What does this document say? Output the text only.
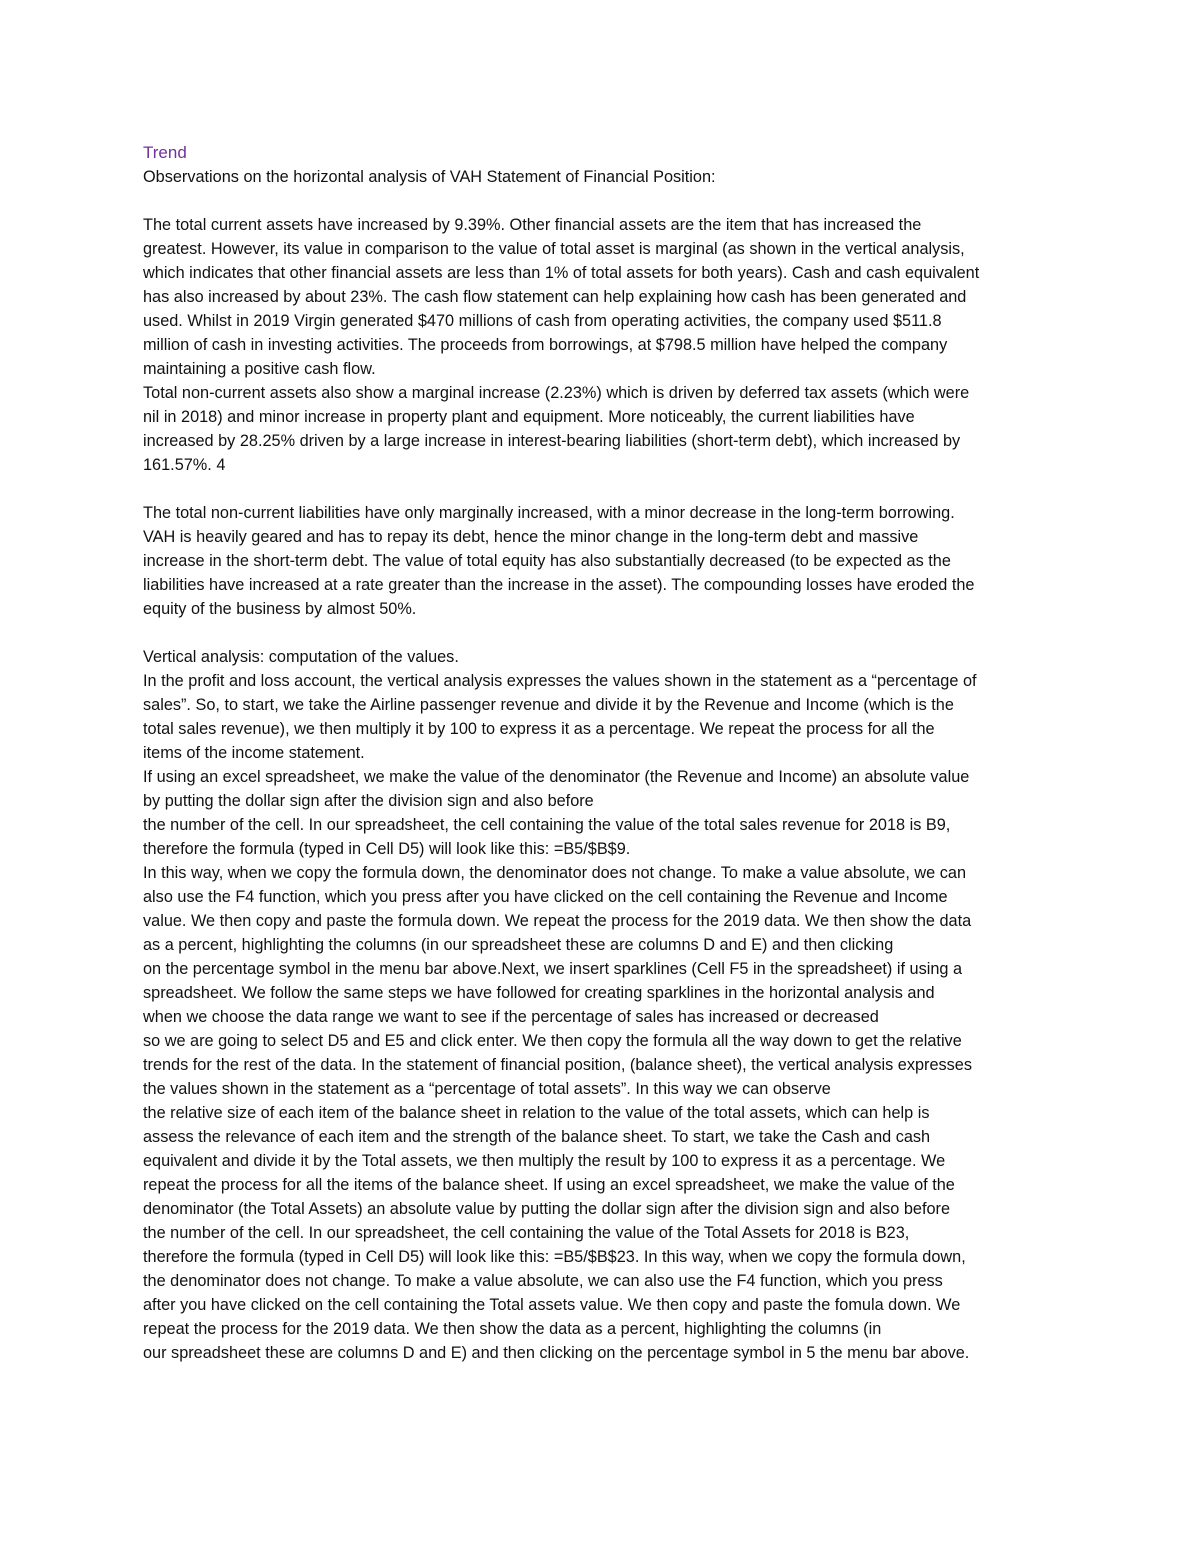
Trend
Observations on the horizontal analysis of VAH Statement of Financial Position:
The total current assets have increased by 9.39%. Other financial assets are the item that has increased the
greatest. However, its value in comparison to the value of total asset is marginal (as shown in the vertical analysis,
which indicates that other financial assets are less than 1% of total assets for both years). Cash and cash equivalent
has also increased by about 23%. The cash flow statement can help explaining how cash has been generated and
used. Whilst in 2019 Virgin generated $470 millions of cash from operating activities, the company used $511.8
million of cash in investing activities. The proceeds from borrowings, at $798.5 million have helped the company
maintaining a positive cash flow.
Total non-current assets also show a marginal increase (2.23%) which is driven by deferred tax assets (which were
nil in 2018) and minor increase in property plant and equipment. More noticeably, the current liabilities have
increased by 28.25% driven by a large increase in interest-bearing liabilities (short-term debt), which increased by
161.57%. 4
The total non-current liabilities have only marginally increased, with a minor decrease in the long-term borrowing.
VAH is heavily geared and has to repay its debt, hence the minor change in the long-term debt and massive
increase in the short-term debt. The value of total equity has also substantially decreased (to be expected as the
liabilities have increased at a rate greater than the increase in the asset). The compounding losses have eroded the
equity of the business by almost 50%.
Vertical analysis: computation of the values.
In the profit and loss account, the vertical analysis expresses the values shown in the statement as a “percentage of
sales”. So, to start, we take the Airline passenger revenue and divide it by the Revenue and Income (which is the
total sales revenue), we then multiply it by 100 to express it as a percentage. We repeat the process for all the
items of the income statement.
If using an excel spreadsheet, we make the value of the denominator (the Revenue and Income) an absolute value
by putting the dollar sign after the division sign and also before
the number of the cell. In our spreadsheet, the cell containing the value of the total sales revenue for 2018 is B9,
therefore the formula (typed in Cell D5) will look like this: =B5/$B$9.
In this way, when we copy the formula down, the denominator does not change. To make a value absolute, we can
also use the F4 function, which you press after you have clicked on the cell containing the Revenue and Income
value. We then copy and paste the formula down. We repeat the process for the 2019 data. We then show the data
as a percent, highlighting the columns (in our spreadsheet these are columns D and E) and then clicking
on the percentage symbol in the menu bar above.Next, we insert sparklines (Cell F5 in the spreadsheet) if using a
spreadsheet. We follow the same steps we have followed for creating sparklines in the horizontal analysis and
when we choose the data range we want to see if the percentage of sales has increased or decreased
so we are going to select D5 and E5 and click enter. We then copy the formula all the way down to get the relative
trends for the rest of the data. In the statement of financial position, (balance sheet), the vertical analysis expresses
the values shown in the statement as a “percentage of total assets”. In this way we can observe
the relative size of each item of the balance sheet in relation to the value of the total assets, which can help is
assess the relevance of each item and the strength of the balance sheet. To start, we take the Cash and cash
equivalent and divide it by the Total assets, we then multiply the result by 100 to express it as a percentage. We
repeat the process for all the items of the balance sheet. If using an excel spreadsheet, we make the value of the
denominator (the Total Assets) an absolute value by putting the dollar sign after the division sign and also before
the number of the cell. In our spreadsheet, the cell containing the value of the Total Assets for 2018 is B23,
therefore the formula (typed in Cell D5) will look like this: =B5/$B$23. In this way, when we copy the formula down,
the denominator does not change. To make a value absolute, we can also use the F4 function, which you press
after you have clicked on the cell containing the Total assets value. We then copy and paste the fomula down. We
repeat the process for the 2019 data. We then show the data as a percent, highlighting the columns (in
our spreadsheet these are columns D and E) and then clicking on the percentage symbol in 5 the menu bar above.
